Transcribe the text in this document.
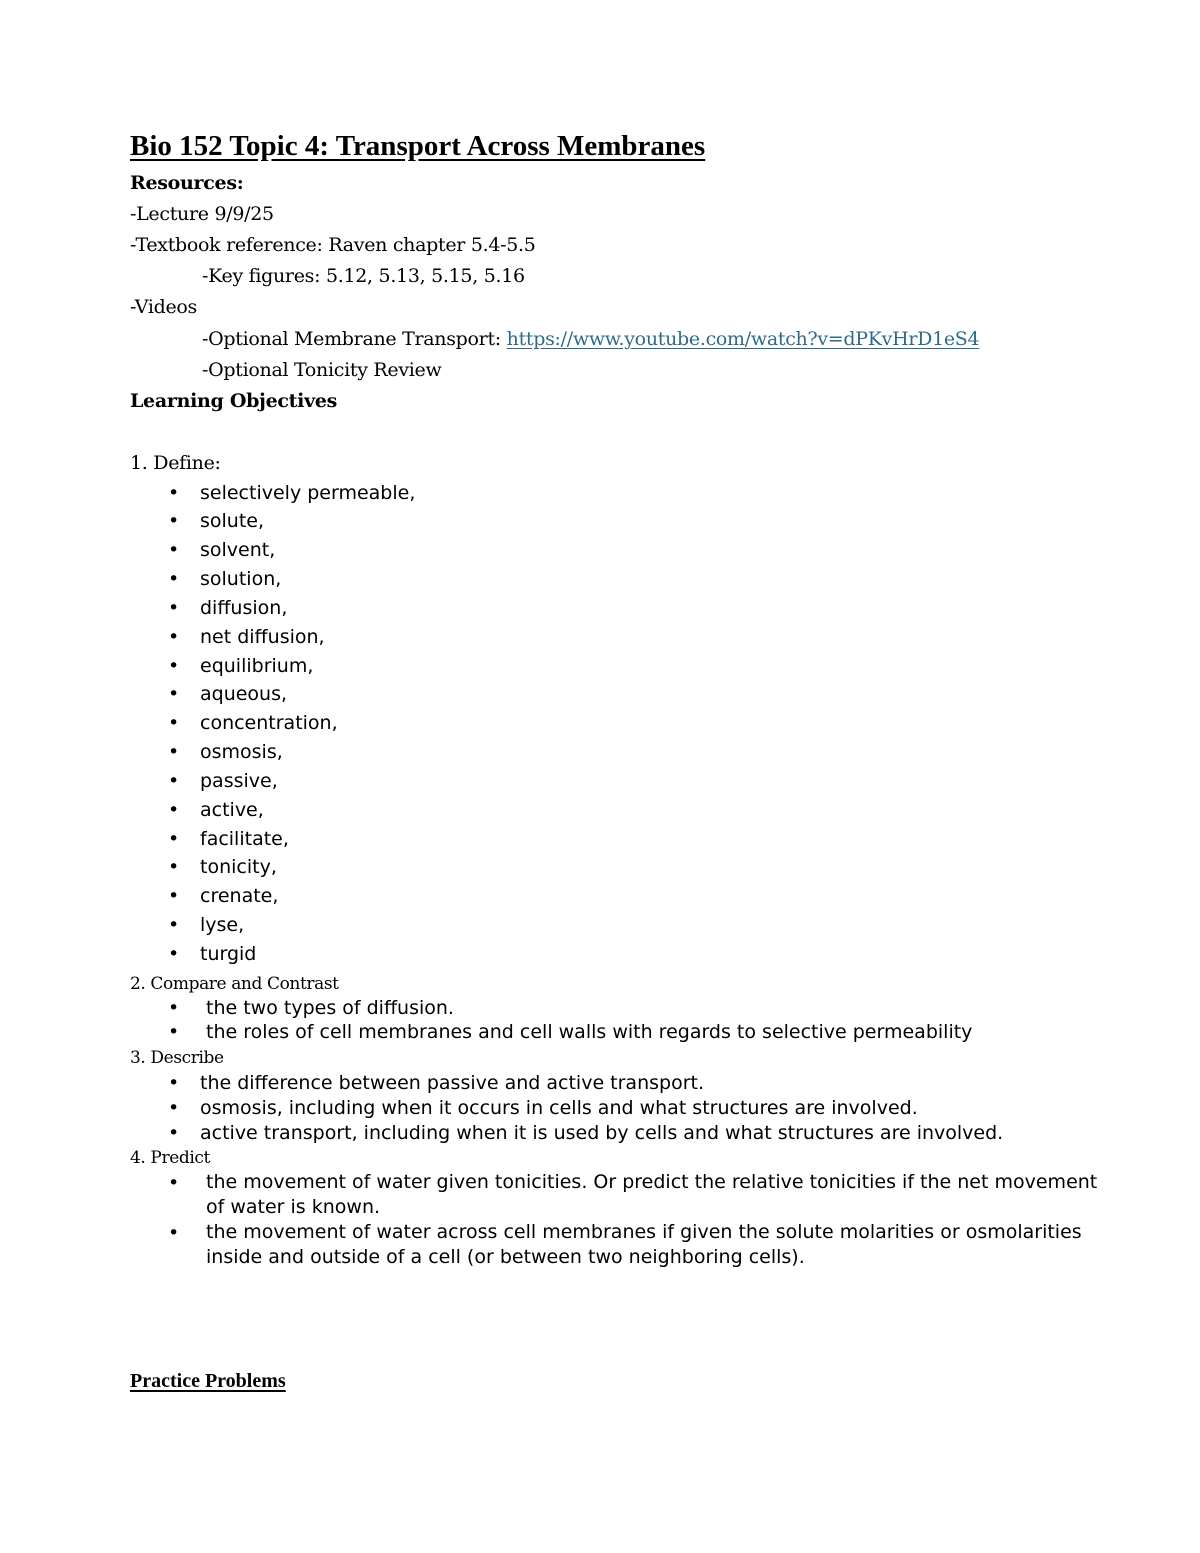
Bio 152 Topic 4: Transport Across Membranes
Resources:
-Lecture 9/9/25
-Textbook reference: Raven chapter 5.4-5.5
-Key figures: 5.12, 5.13, 5.15, 5.16
-Videos
-Optional Membrane Transport: https://www.youtube.com/watch?v=dPKvHrD1eS4
-Optional Tonicity Review
Learning Objectives
1. Define:
• selectively permeable,
• solute,
• solvent,
• solution,
• diffusion,
• net diffusion,
• equilibrium,
• aqueous,
• concentration,
• osmosis,
• passive,
• active,
• facilitate,
• tonicity,
• crenate,
• lyse,
• turgid
2. Compare and Contrast
• the two types of diffusion.
• the roles of cell membranes and cell walls with regards to selective permeability
3. Describe
• the difference between passive and active transport.
• osmosis, including when it occurs in cells and what structures are involved.
• active transport, including when it is used by cells and what structures are involved.
4. Predict
• the movement of water given tonicities. Or predict the relative tonicities if the net movement of water is known.
• the movement of water across cell membranes if given the solute molarities or osmolarities inside and outside of a cell (or between two neighboring cells).
Practice Problems
